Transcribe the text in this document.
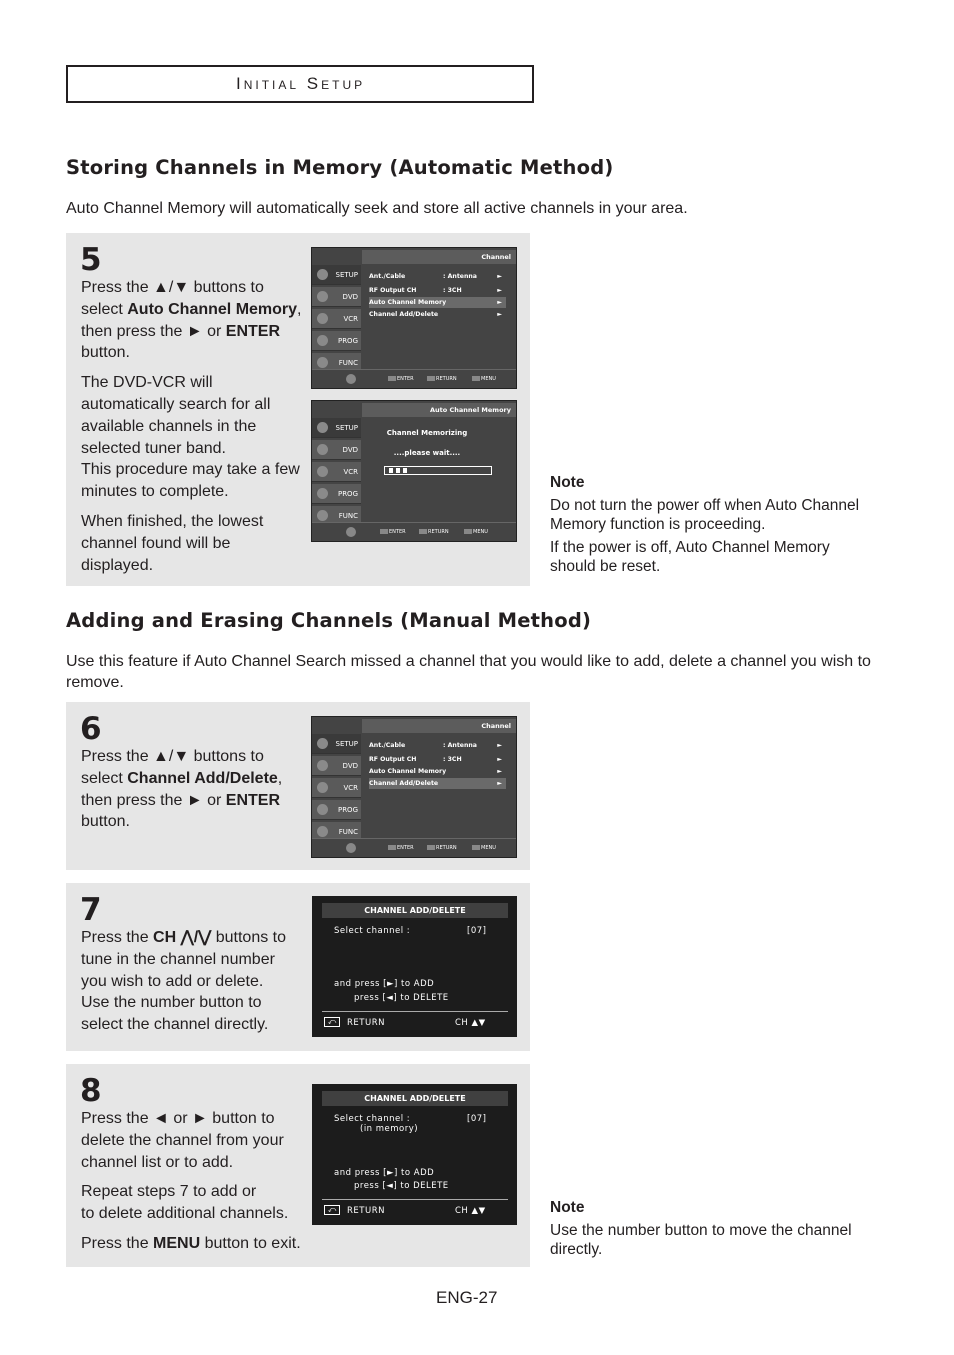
Initial Setup
Storing Channels in Memory (Automatic Method)

Auto Channel Memory will automatically seek and store all active channels in your area.

5

Press the ▲/▼ buttons to
select Auto Channel Memory,
then press the ► or ENTER
button.

The DVD-VCR will
automatically search for all
available channels in the
selected tuner band.
This procedure may take a few
minutes to complete.

When finished, the lowest
channel found will be
displayed.

SETUP
DVD
VCR
PROG
FUNC
Channel
Ant./Cable	: Antenna	►
RF Output CH	: 3CH	►
Auto Channel Memory	►
Channel Add/Delete	►
ENTER	RETURN	MENU
SETUP
DVD
VCR
PROG
FUNC
Auto Channel Memory
Channel Memorizing
....please wait....
ENTER	RETURN	MENU
Note

Do not turn the power off when Auto Channel Memory function is proceeding.

If the power is off, Auto Channel Memory should be reset.

Adding and Erasing Channels (Manual Method)

Use this feature if Auto Channel Search missed a channel that you would like to add, delete a channel you wish to remove.

6

Press the ▲/▼ buttons to
select Channel Add/Delete,
then press the ► or ENTER
button.

SETUP
DVD
VCR
PROG
FUNC
Channel
Ant./Cable	: Antenna	►
RF Output CH	: 3CH	►
Auto Channel Memory	►
Channel Add/Delete	►
ENTER	RETURN	MENU
7

Press the CH ⋀/⋁ buttons to
tune in the channel number
you wish to add or delete.
Use the number button to
select the channel directly.

CHANNEL ADD/DELETE
Select channel :	[07]
and press [►] to ADD
press [◄] to DELETE
⤺	RETURN	CH ▲▼
8

Press the ◄ or ► button to
delete the channel from your
channel list or to add.

Repeat steps 7 to add or
to delete additional channels.

Press the MENU button to exit.

CHANNEL ADD/DELETE
Select channel :	[07]
(in memory)
and press [►] to ADD
press [◄] to DELETE
⤺	RETURN	CH ▲▼	Note

Use the number button to move the channel directly.

ENG-27
